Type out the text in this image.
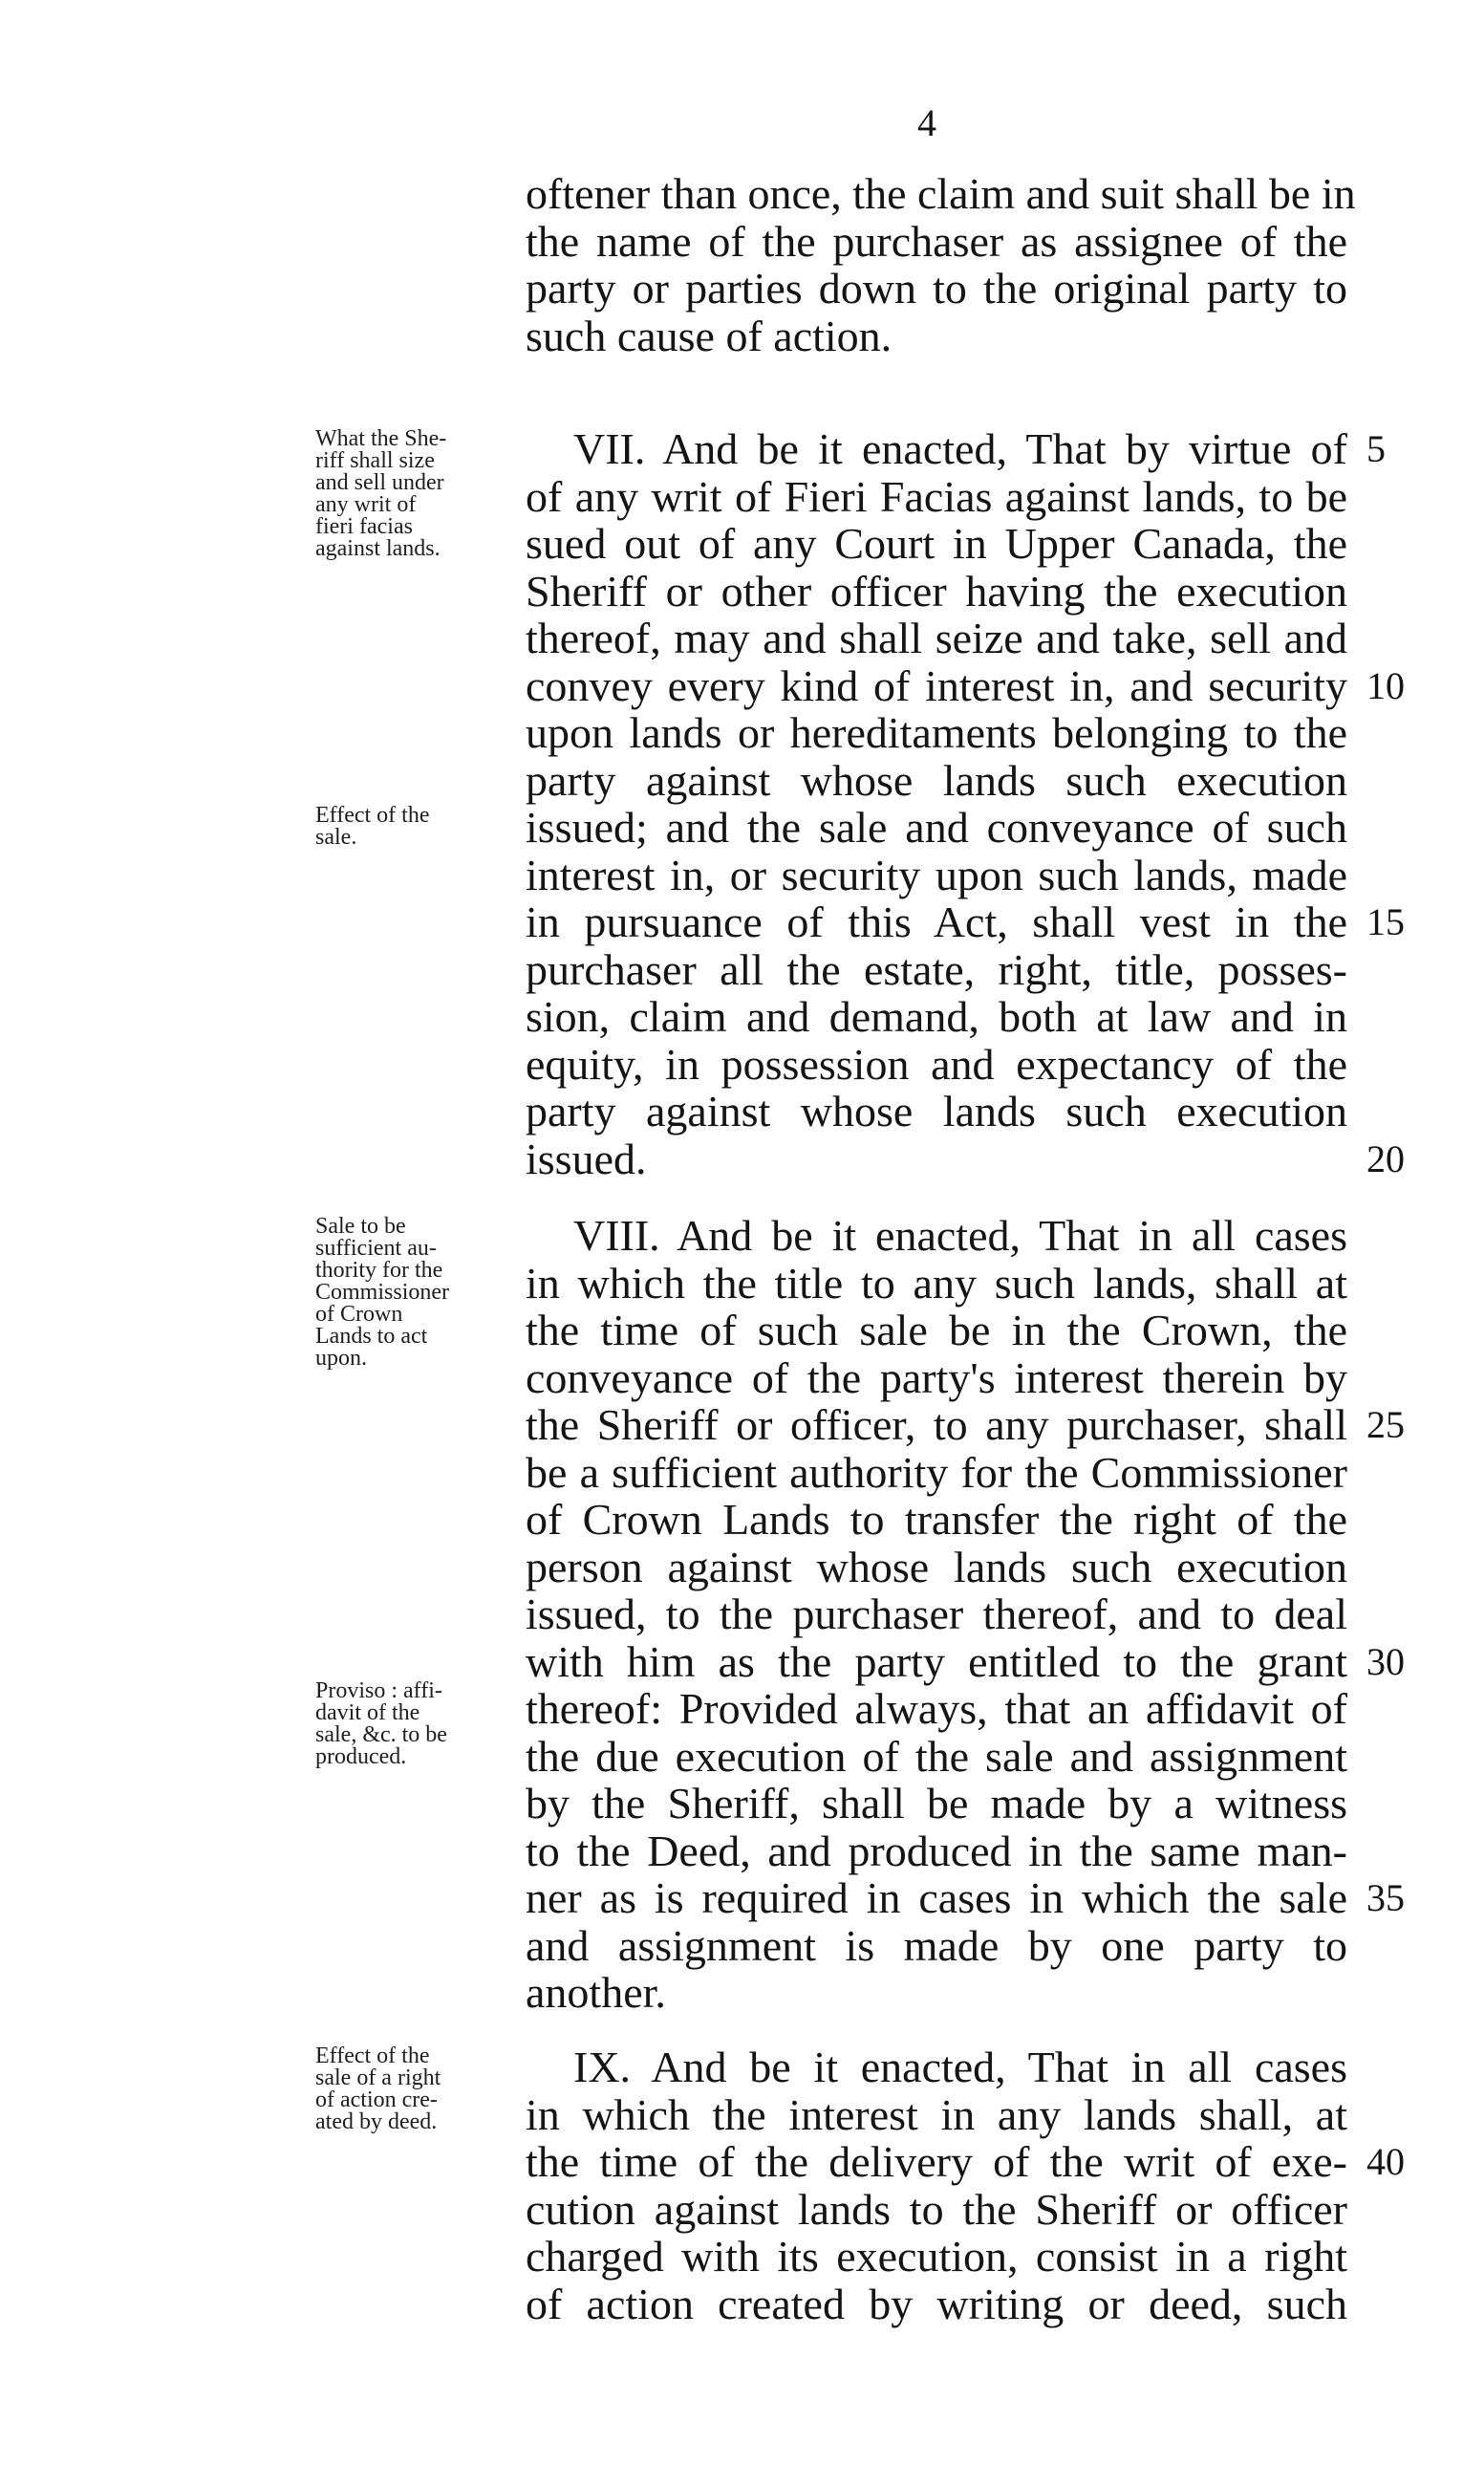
4
oftener than once, the claim and suit shall be in
the name of the purchaser as assignee of the
party or parties down to the original party to
such cause of action.
VII. And be it enacted, That by virtue of 5
of any writ of Fieri Facias against lands, to be
sued out of any Court in Upper Canada, the
Sheriff or other officer having the execution
thereof, may and shall seize and take, sell and
convey every kind of interest in, and security 10
upon lands or hereditaments belonging to the
party against whose lands such execution
issued; and the sale and conveyance of such
interest in, or security upon such lands, made
in pursuance of this Act, shall vest in the 15
purchaser all the estate, right, title, posses-
sion, claim and demand, both at law and in
equity, in possession and expectancy of the
party against whose lands such execution
issued.	20
VIII. And be it enacted, That in all cases
in which the title to any such lands, shall at
the time of such sale be in the Crown, the
conveyance of the party's interest therein by
the Sheriff or officer, to any purchaser, shall 25
be a sufficient authority for the Commissioner
of Crown Lands to transfer the right of the
person against whose lands such execution
issued, to the purchaser thereof, and to deal
with him as the party entitled to the grant 30
thereof: Provided always, that an affidavit of
the due execution of the sale and assignment
by the Sheriff, shall be made by a witness
to the Deed, and produced in the same man-
ner as is required in cases in which the sale 35
and assignment is made by one party to
another.
IX. And be it enacted, That in all cases
in which the interest in any lands shall, at
the time of the delivery of the writ of exe- 40
cution against lands to the Sheriff or officer
charged with its execution, consist in a right
of action created by writing or deed, such
What the She-
riff shall size
and sell under
any writ of
fieri facias
against lands.
Effect of the
sale.
Sale to be
sufficient au-
thority for the
Commissioner
of Crown
Lands to act
upon.
Proviso : affi-
davit of the
sale, &c. to be
produced.
Effect of the
sale of a right
of action cre-
ated by deed.
